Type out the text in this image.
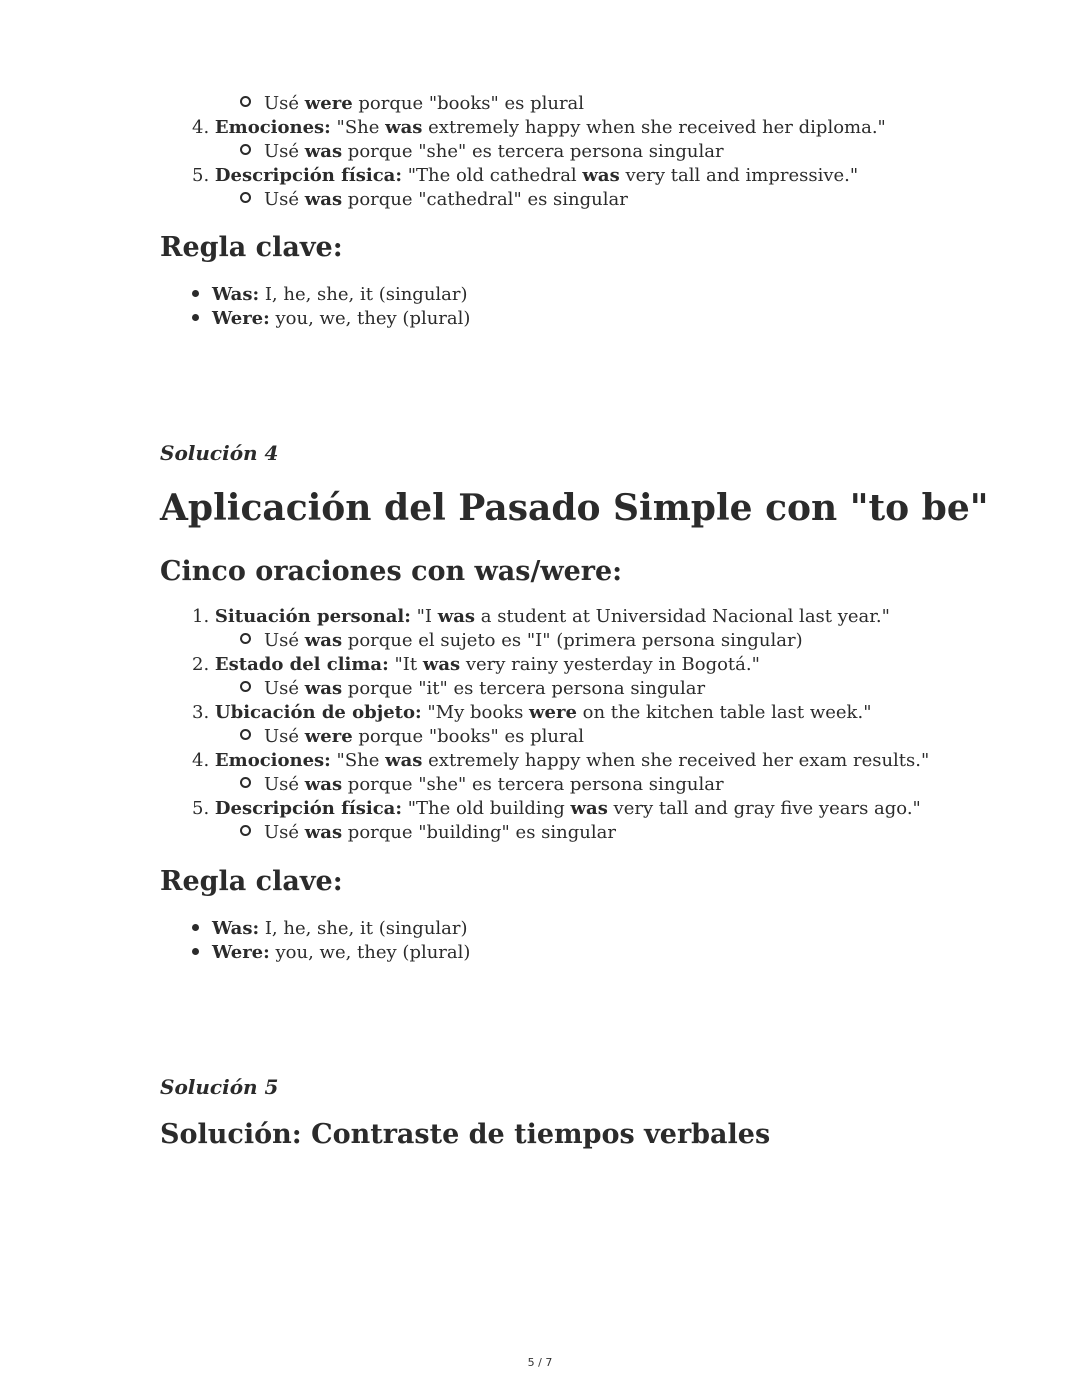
Usé were porque "books" es plural
4. Emociones: "She was extremely happy when she received her diploma."
Usé was porque "she" es tercera persona singular
5. Descripción física: "The old cathedral was very tall and impressive."
Usé was porque "cathedral" es singular
Regla clave:
Was: I, he, she, it (singular)
Were: you, we, they (plural)
Solución 4
Aplicación del Pasado Simple con "to be"
Cinco oraciones con was/were:
1. Situación personal: "I was a student at Universidad Nacional last year."
Usé was porque el sujeto es "I" (primera persona singular)
2. Estado del clima: "It was very rainy yesterday in Bogotá."
Usé was porque "it" es tercera persona singular
3. Ubicación de objeto: "My books were on the kitchen table last week."
Usé were porque "books" es plural
4. Emociones: "She was extremely happy when she received her exam results."
Usé was porque "she" es tercera persona singular
5. Descripción física: "The old building was very tall and gray five years ago."
Usé was porque "building" es singular
Regla clave:
Was: I, he, she, it (singular)
Were: you, we, they (plural)
Solución 5
Solución: Contraste de tiempos verbales
5 / 7
